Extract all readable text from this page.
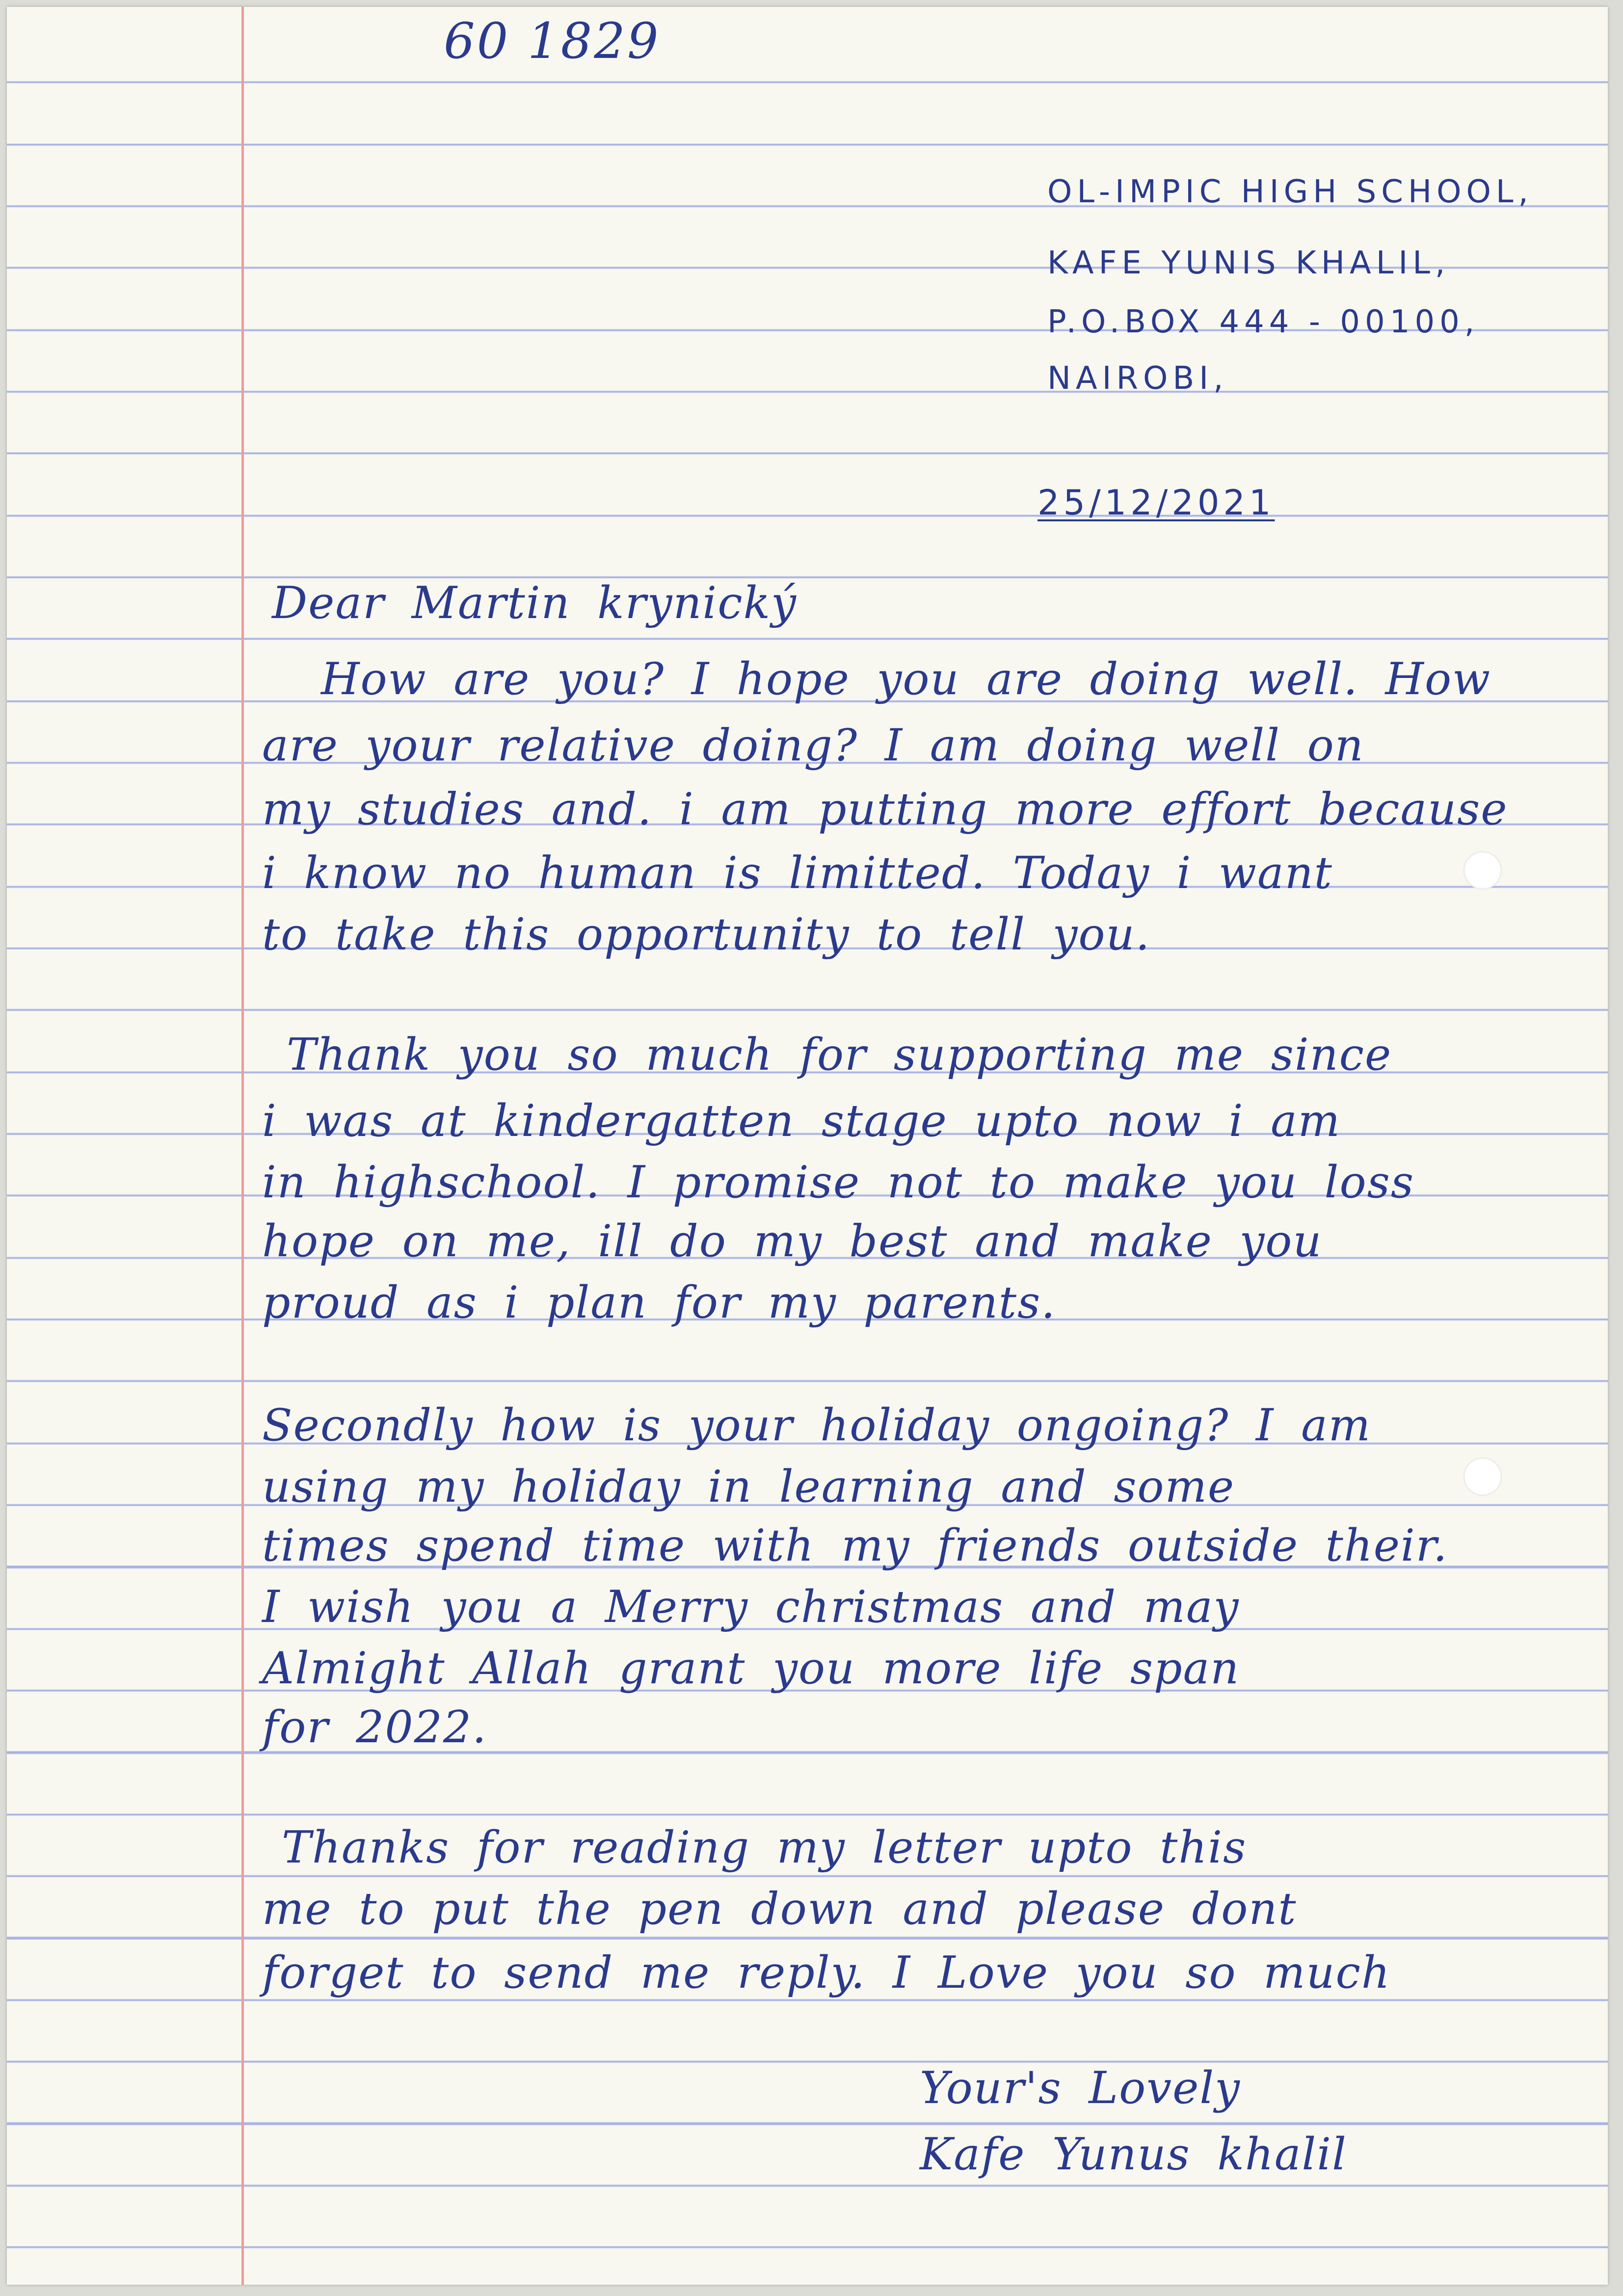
60 1829

OL-IMPIC HIGH SCHOOL,

KAFE YUNIS KHALIL,

P.O.BOX 444 - 00100,

NAIROBI,

25/12/2021

Dear Martin krynický

How are you? I hope you are doing well. How

are your relative doing? I am doing well on

my studies and. i am putting more effort because

i know no human is limitted. Today i want

to take this opportunity to tell you.

Thank you so much for supporting me since

i was at kindergatten stage upto now i am

in highschool. I promise not to make you loss

hope on me, ill do my best and make you

proud as i plan for my parents.

Secondly how is your holiday ongoing? I am

using my holiday in learning and some

times spend time with my friends outside their.

I wish you a Merry christmas and may

Almight Allah grant you more life span

for 2022.

Thanks for reading my letter upto this

me to put the pen down and please dont

forget to send me reply. I Love you so much

Your's Lovely

Kafe Yunus khalil
